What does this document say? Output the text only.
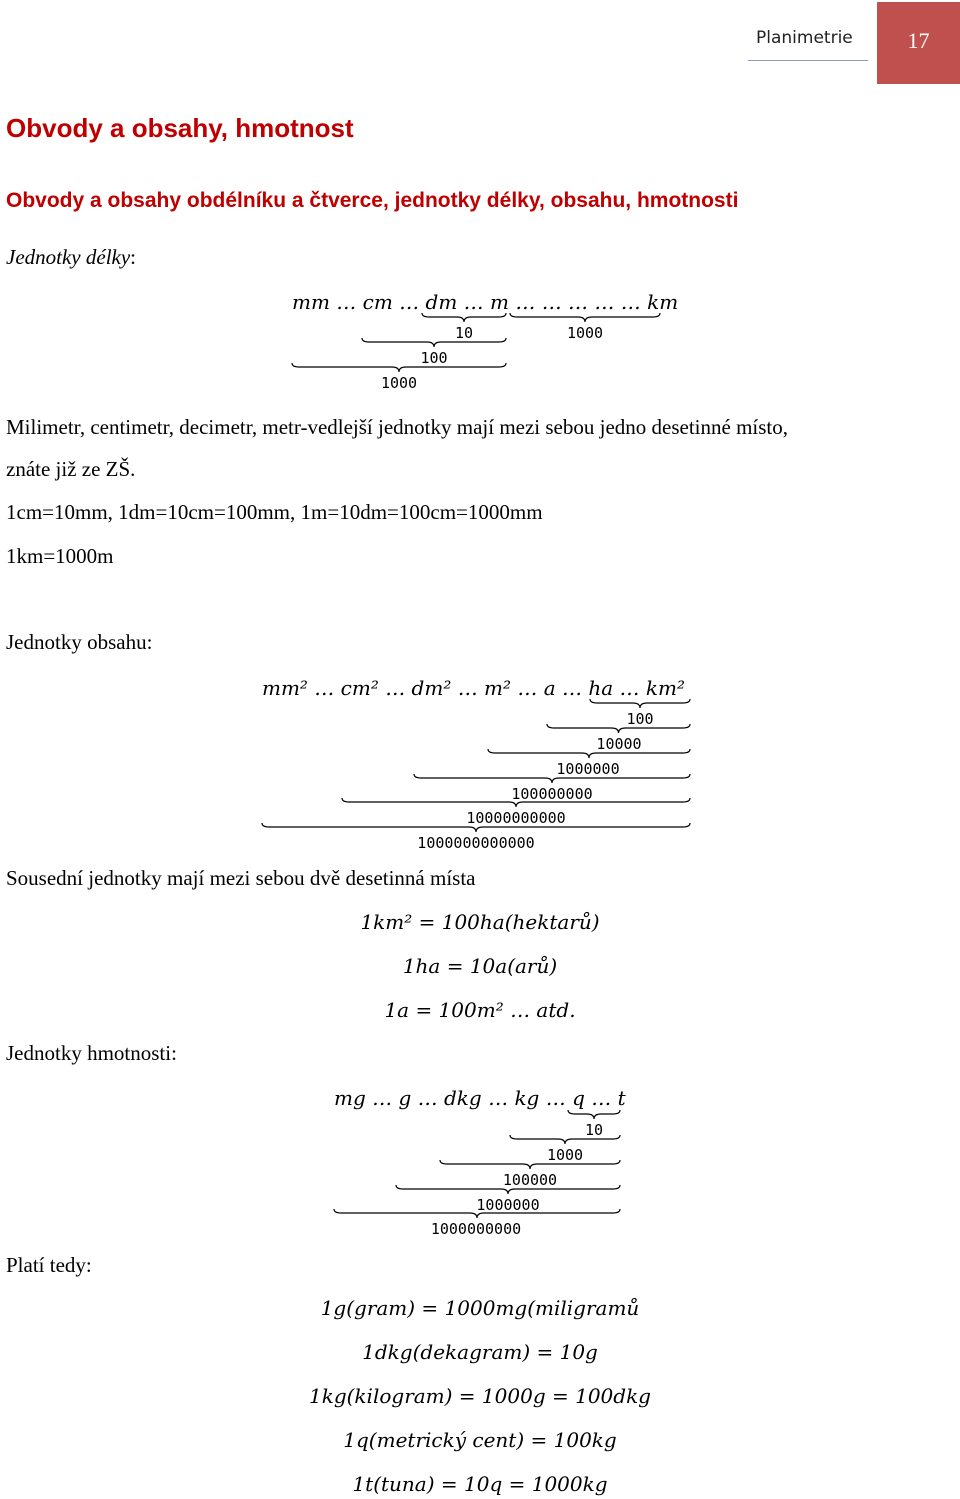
Planimetrie	17
Obvody a obsahy, hmotnost
Obvody a obsahy obdélníku a čtverce, jednotky délky, obsahu, hmotnosti
Jednotky délky:
mm … cm … dm … m … … … … … km
10	1000
100
1000
Milimetr, centimetr, decimetr, metr-vedlejší jednotky mají mezi sebou jedno desetinné místo,
znáte již ze ZŠ.
1cm=10mm, 1dm=10cm=100mm, 1m=10dm=100cm=1000mm
1km=1000m
Jednotky obsahu:
mm² … cm² … dm² … m² … a … ha … km²
100
10000
1000000
100000000
10000000000
1000000000000
Sousední jednotky mají mezi sebou dvě desetinná místa
1km² = 100ha(hektarů)
1ha = 10a(arů)
1a = 100m² … atd.
Jednotky hmotnosti:
mg … g … dkg … kg … q … t
10
1000
100000
1000000
1000000000
Platí tedy:
1g(gram) = 1000mg(miligramů
1dkg(dekagram) = 10g
1kg(kilogram) = 1000g = 100dkg
1q(metrický cent) = 100kg
1t(tuna) = 10q = 1000kg
